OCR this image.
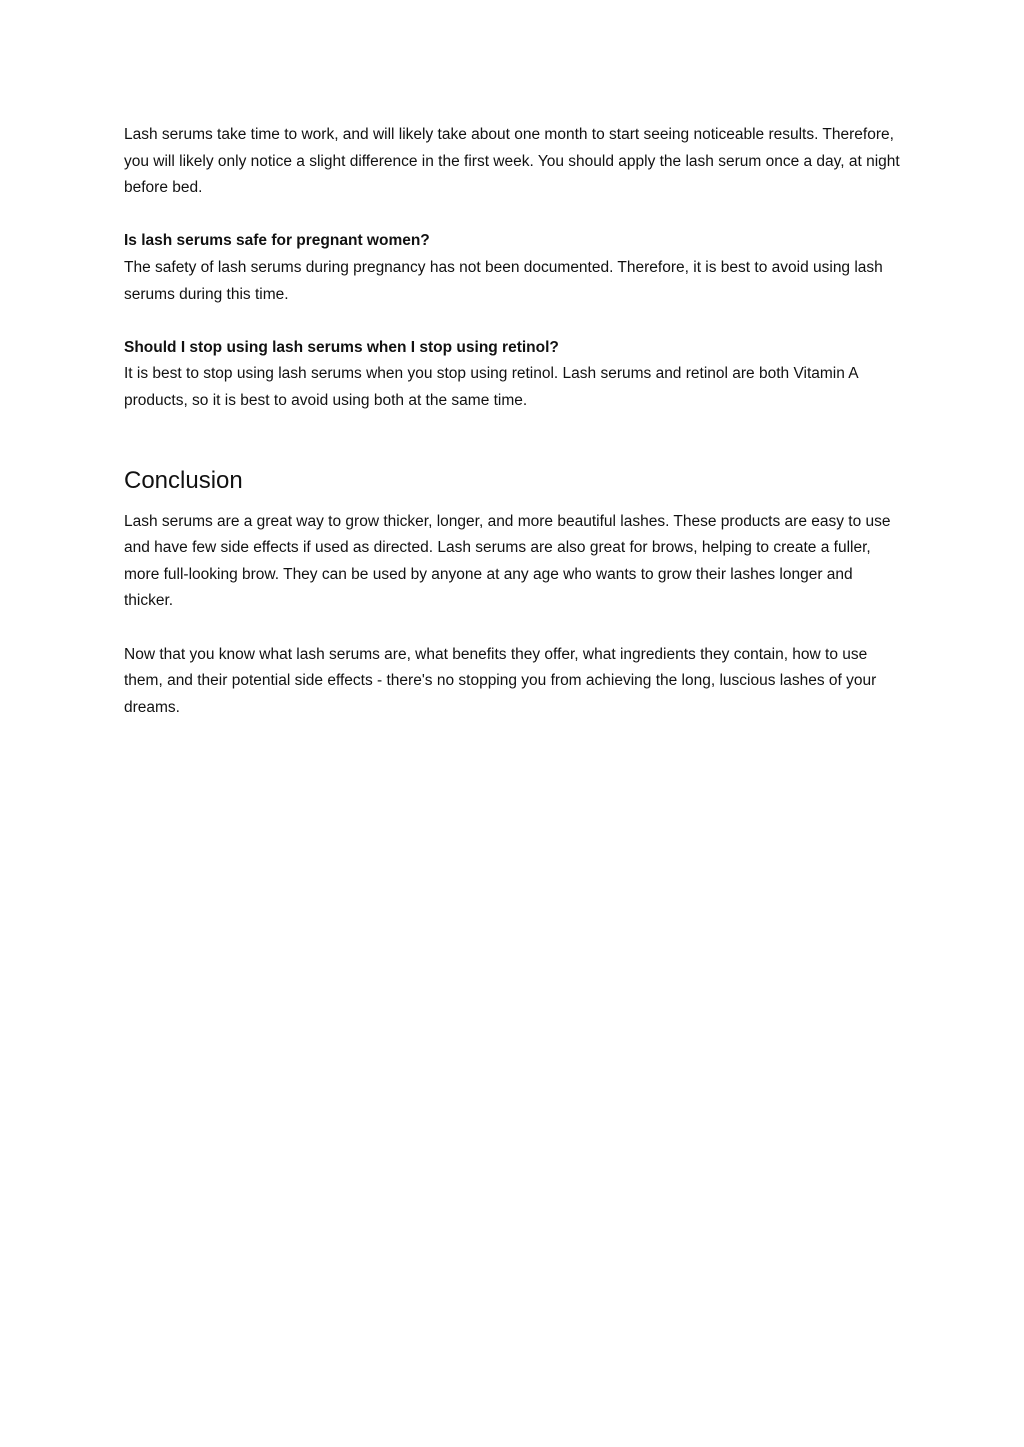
Lash serums take time to work, and will likely take about one month to start seeing noticeable results. Therefore, you will likely only notice a slight difference in the first week. You should apply the lash serum once a day, at night before bed.

Is lash serums safe for pregnant women?

The safety of lash serums during pregnancy has not been documented. Therefore, it is best to avoid using lash serums during this time.

Should I stop using lash serums when I stop using retinol?

It is best to stop using lash serums when you stop using retinol. Lash serums and retinol are both Vitamin A products, so it is best to avoid using both at the same time.

Conclusion

Lash serums are a great way to grow thicker, longer, and more beautiful lashes. These products are easy to use and have few side effects if used as directed. Lash serums are also great for brows, helping to create a fuller, more full-looking brow. They can be used by anyone at any age who wants to grow their lashes longer and thicker.

Now that you know what lash serums are, what benefits they offer, what ingredients they contain, how to use them, and their potential side effects - there's no stopping you from achieving the long, luscious lashes of your dreams.
